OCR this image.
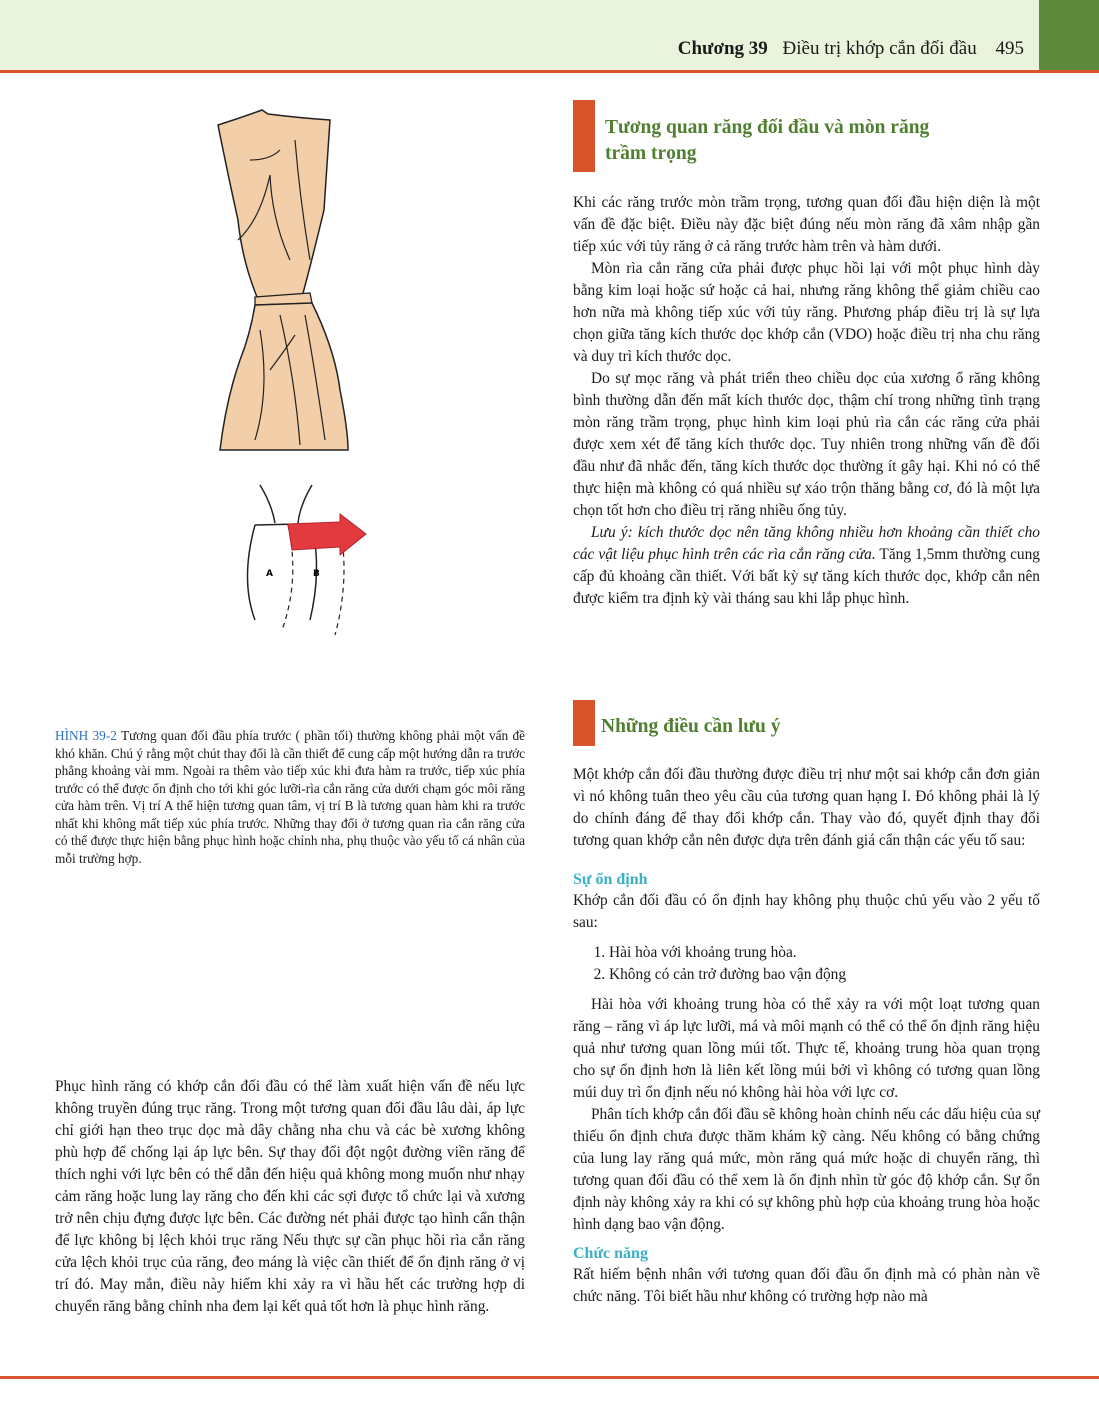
Chương 39 Điều trị khớp cắn đối đầu 495
A	B
HÌNH 39-2 Tương quan đối đầu phía trước ( phần tối) thường không phải một vấn đề khó khăn. Chú ý rằng một chút thay đổi là cần thiết để cung cấp một hướng dẫn ra trước phẳng khoảng vài mm. Ngoài ra thêm vào tiếp xúc khi đưa hàm ra trước, tiếp xúc phía trước có thể được ổn định cho tới khi góc lưỡi-rìa cắn răng cửa dưới chạm góc môi răng cửa hàm trên. Vị trí A thể hiện tương quan tâm, vị trí B là tương quan hàm khi ra trước nhất khi không mất tiếp xúc phía trước. Những thay đổi ở tương quan rìa cắn răng cửa có thể được thực hiện bằng phục hình hoặc chỉnh nha, phụ thuộc vào yếu tố cá nhân của mỗi trường hợp.

Phục hình răng có khớp cắn đối đầu có thể làm xuất hiện vấn đề nếu lực không truyền đúng trục răng. Trong một tương quan đối đầu lâu dài, áp lực chỉ giới hạn theo trục dọc mà dây chằng nha chu và các bè xương không phù hợp để chống lại áp lực bên. Sự thay đổi đột ngột đường viền răng để thích nghi với lực bên có thể dẫn đến hiệu quả không mong muốn như nhạy cảm răng hoặc lung lay răng cho đến khi các sợi được tổ chức lại và xương trở nên chịu đựng được lực bên. Các đường nét phải được tạo hình cẩn thận để lực không bị lệch khỏi trục răng Nếu thực sự cần phục hồi rìa cắn răng cửa lệch khỏi trục của răng, đeo máng là việc cần thiết để ổn định răng ở vị trí đó. May mắn, điều này hiếm khi xảy ra vì hầu hết các trường hợp di chuyển răng bằng chỉnh nha đem lại kết quả tốt hơn là phục hình răng.

Tương quan răng đối đầu và mòn răng
trầm trọng

Khi các răng trước mòn trầm trọng, tương quan đối đầu hiện diện là một vấn đề đặc biệt. Điều này đặc biệt đúng nếu mòn răng đã xâm nhập gần tiếp xúc với tủy răng ở cả răng trước hàm trên và hàm dưới.

Mòn rìa cắn răng cửa phải được phục hồi lại với một phục hình dày bằng kim loại hoặc sứ hoặc cả hai, nhưng răng không thể giảm chiều cao hơn nữa mà không tiếp xúc với tủy răng. Phương pháp điều trị là sự lựa chọn giữa tăng kích thước dọc khớp cắn (VDO) hoặc điều trị nha chu răng và duy trì kích thước dọc.

Do sự mọc răng và phát triển theo chiều dọc của xương ổ răng không bình thường dẫn đến mất kích thước dọc, thậm chí trong những tình trạng mòn răng trầm trọng, phục hình kim loại phủ rìa cắn các răng cửa phải được xem xét để tăng kích thước dọc. Tuy nhiên trong những vấn đề đối đầu như đã nhắc đến, tăng kích thước dọc thường ít gây hại. Khi nó có thể thực hiện mà không có quá nhiều sự xáo trộn thăng bằng cơ, đó là một lựa chọn tốt hơn cho điều trị răng nhiều ống tủy.

Lưu ý: kích thước dọc nên tăng không nhiều hơn khoảng cần thiết cho các vật liệu phục hình trên các rìa cắn răng cửa. Tăng 1,5mm thường cung cấp đủ khoảng cần thiết. Với bất kỳ sự tăng kích thước dọc, khớp cắn nên được kiểm tra định kỳ vài tháng sau khi lắp phục hình.

Những điều cần lưu ý

Một khớp cắn đối đầu thường được điều trị như một sai khớp cắn đơn giản vì nó không tuân theo yêu cầu của tương quan hạng I. Đó không phải là lý do chính đáng để thay đổi khớp cắn. Thay vào đó, quyết định thay đổi tương quan khớp cắn nên được dựa trên đánh giá cẩn thận các yếu tố sau:

Sự ổn định

Khớp cắn đối đầu có ổn định hay không phụ thuộc chủ yếu vào 2 yếu tố sau:

1. Hài hòa với khoảng trung hòa.
2. Không có cản trở đường bao vận động

Hài hòa với khoảng trung hòa có thể xảy ra với một loạt tương quan răng – răng vì áp lực lưỡi, má và môi mạnh có thể có thể ổn định răng hiệu quả như tương quan lồng múi tốt. Thực tế, khoảng trung hòa quan trọng cho sự ổn định hơn là liên kết lồng múi bởi vì không có tương quan lồng múi duy trì ổn định nếu nó không hài hòa với lực cơ.

Phân tích khớp cắn đối đầu sẽ không hoàn chỉnh nếu các dấu hiệu của sự thiếu ổn định chưa được thăm khám kỹ càng. Nếu không có bằng chứng của lung lay răng quá mức, mòn răng quá mức hoặc di chuyển răng, thì tương quan đối đầu có thể xem là ổn định nhìn từ góc độ khớp cắn. Sự ổn định này không xảy ra khi có sự không phù hợp của khoảng trung hòa hoặc hình dạng bao vận động.

Chức năng

Rất hiếm bệnh nhân với tương quan đối đầu ổn định mà có phàn nàn về chức năng. Tôi biết hầu như không có trường hợp nào mà
